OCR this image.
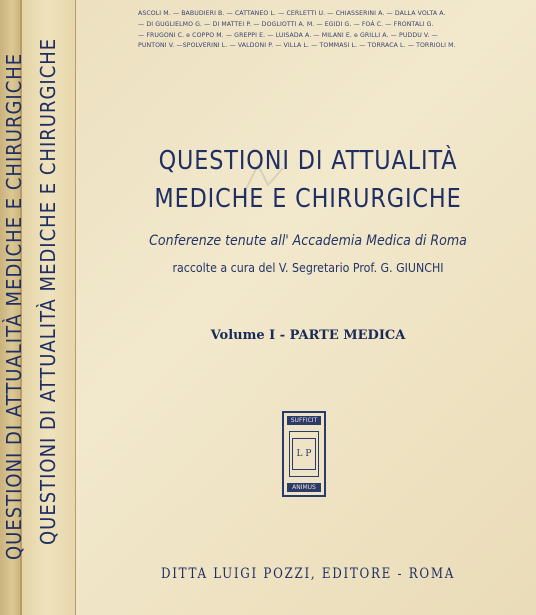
QUESTIONI DI ATTUALITÀ MEDICHE E CHIRURGICHE QUESTIONI DI ATTUALITÀ MEDICHE E CHIRURGICHE
ASCOLI M. — BABUDIERI B. — CATTANEO L. — CERLETTI U. — CHIASSERINI A. — DALLA VOLTA A.
— DI GUGLIELMO G. — DI MATTEI P. — DOGLIOTTI A. M. — EGIDI G. — FOÀ C. — FRONTALI G.
— FRUGONI C. e COPPO M. — GREPPI E. — LUISADA A. — MILANI E. e GRILLI A. — PUDDU V. —
PUNTONI V. —SPOLVERINI L. — VALDONI P. — VILLA L. — TOMMASI L. — TORRACA L. — TORRIOLI M.
QUESTIONI DI ATTUALITÀ
MEDICHE E CHIRURGICHE
Conferenze tenute all' Accademia Medica di Roma
raccolte a cura del V. Segretario Prof. G. GIUNCHI
Volume I - PARTE MEDICA
SUFFICIT
L P
ANIMUS
DITTA LUIGI POZZI, EDITORE - ROMA
